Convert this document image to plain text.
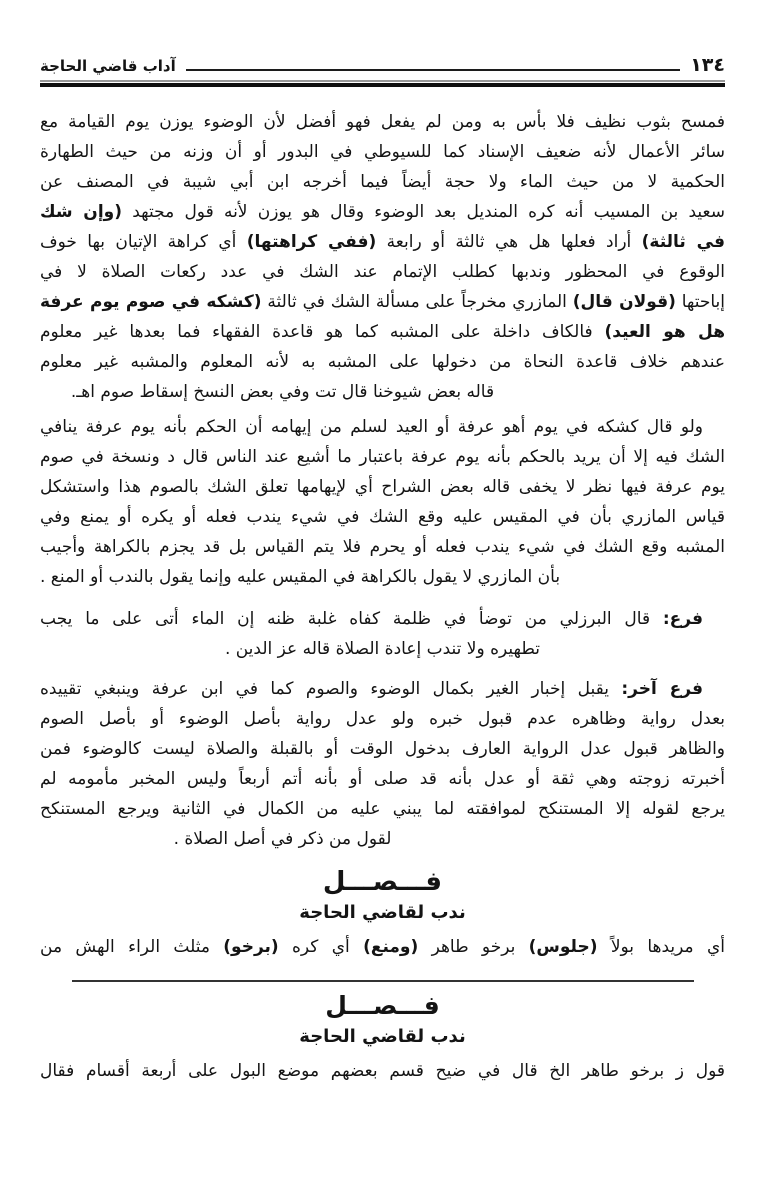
١٣٤
آداب قاضي الحاجة
فمسح بثوب نظيف فلا بأس به ومن لم يفعل فهو أفضل لأن الوضوء يوزن يوم القيامة مع
سائر الأعمال لأنه ضعيف الإسناد كما للسيوطي في البدور أو أن وزنه من حيث الطهارة
الحكمية لا من حيث الماء ولا حجة أيضاً فيما أخرجه ابن أبي شيبة في المصنف عن
سعيد بن المسيب أنه كره المنديل بعد الوضوء وقال هو يوزن لأنه قول مجتهد (وإن شك
في ثالثة) أراد فعلها هل هي ثالثة أو رابعة (ففي كراهتها) أي كراهة الإتيان بها خوف
الوقوع في المحظور وندبها كطلب الإتمام عند الشك في عدد ركعات الصلاة لا في
إباحتها (قولان قال) المازري مخرجاً على مسألة الشك في ثالثة (كشكه في صوم يوم عرفة
هل هو العيد) فالكاف داخلة على المشبه كما هو قاعدة الفقهاء فما بعدها غير معلوم
عندهم خلاف قاعدة النحاة من دخولها على المشبه به لأنه المعلوم والمشبه غير معلوم
قاله بعض شيوخنا قال تت وفي بعض النسخ إسقاط صوم اهـ.
ولو قال كشكه في يوم أهو عرفة أو العيد لسلم من إيهامه أن الحكم بأنه يوم عرفة ينافي
الشك فيه إلا أن يريد بالحكم بأنه يوم عرفة باعتبار ما أشيع عند الناس قال د ونسخة في صوم
يوم عرفة فيها نظر لا يخفى قاله بعض الشراح أي لإيهامها تعلق الشك بالصوم هذا واستشكل
قياس المازري بأن في المقيس عليه وقع الشك في شيء يندب فعله أو يكره أو يمنع وفي
المشبه وقع الشك في شيء يندب فعله أو يحرم فلا يتم القياس بل قد يجزم بالكراهة وأجيب
بأن المازري لا يقول بالكراهة في المقيس عليه وإنما يقول بالندب أو المنع .
فرع: قال البرزلي من توضأ في ظلمة كفاه غلبة ظنه إن الماء أتى على ما يجب
تطهيره ولا تندب إعادة الصلاة قاله عز الدين .
فرع آخر: يقبل إخبار الغير بكمال الوضوء والصوم كما في ابن عرفة وينبغي تقييده
بعدل رواية وظاهره عدم قبول خبره ولو عدل رواية بأصل الوضوء أو بأصل الصوم
والظاهر قبول عدل الرواية العارف بدخول الوقت أو بالقبلة والصلاة ليست كالوضوء فمن
أخبرته زوجته وهي ثقة أو عدل بأنه قد صلى أو بأنه أتم أربعاً وليس المخبر مأمومه لم
يرجع لقوله إلا المستنكح لموافقته لما يبني عليه من الكمال في الثانية ويرجع المستنكح
لقول من ذكر في أصل الصلاة .
فـــصـــل
ندب لقاضي الحاجة
أي مريدها بولاً (جلوس) برخو طاهر (ومنع) أي كره (برخو) مثلث الراء الهش من
فـــصـــل
ندب لقاضي الحاجة
قول ز برخو طاهر الخ قال في ضيح قسم بعضهم موضع البول على أربعة أقسام فقال
